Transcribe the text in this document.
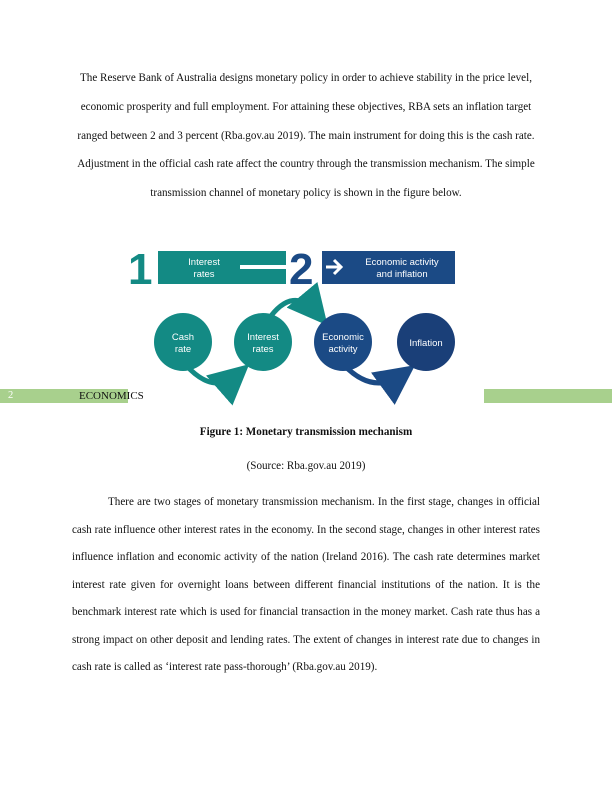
The Reserve Bank of Australia designs monetary policy in order to achieve stability in the price level, economic prosperity and full employment. For attaining these objectives, RBA sets an inflation target ranged between 2 and 3 percent (Rba.gov.au 2019). The main instrument for doing this is the cash rate. Adjustment in the official cash rate affect the country through the transmission mechanism. The simple transmission channel of monetary policy is shown in the figure below.

1	Interest
rates 2	Economic activity
and inflation
Cash
rate
Interest
rates
Economic
activity
Inflation
2	ECONOMICS
Figure 1: Monetary transmission mechanism
(Source: Rba.gov.au 2019)

There are two stages of monetary transmission mechanism. In the first stage, changes in official cash rate influence other interest rates in the economy. In the second stage, changes in other interest rates influence inflation and economic activity of the nation (Ireland 2016). The cash rate determines market interest rate given for overnight loans between different financial institutions of the nation. It is the benchmark interest rate which is used for financial transaction in the money market. Cash rate thus has a strong impact on other deposit and lending rates. The extent of changes in interest rate due to changes in cash rate is called as ‘interest rate pass-thorough’ (Rba.gov.au 2019).
